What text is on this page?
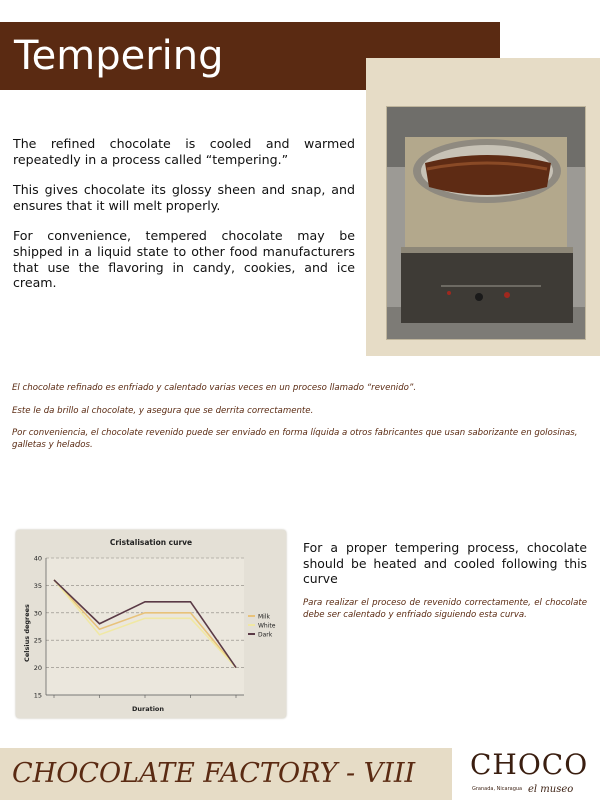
Tempering

The refined chocolate is cooled and warmed repeatedly in a process called “tempering.”

This gives chocolate its glossy sheen and snap, and ensures that it will melt properly.

For convenience, tempered chocolate may be shipped in a liquid state to other food manufacturers that use the flavoring in candy, cookies, and ice cream.

El chocolate refinado es enfriado y calentado varias veces en un proceso llamado “revenido”.

Este le da brillo al chocolate, y asegura que se derrita correctamente.

Por conveniencia, el chocolate revenido puede ser enviado en forma líquida a otros fabricantes que usan saborizante en golosinas, galletas y helados.

Cristalisation curve
Celsius degrees
Duration
15
20
25
30
35
40
Milk
White
Dark

For a proper tempering process, chocolate should be heated and cooled following this curve

Para realizar el proceso de revenido correctamente, el chocolate debe ser calentado y enfriado siguiendo esta curva.

CHOCOLATE FACTORY - VIII CHOCO
Granada, Nicaragua el museo
